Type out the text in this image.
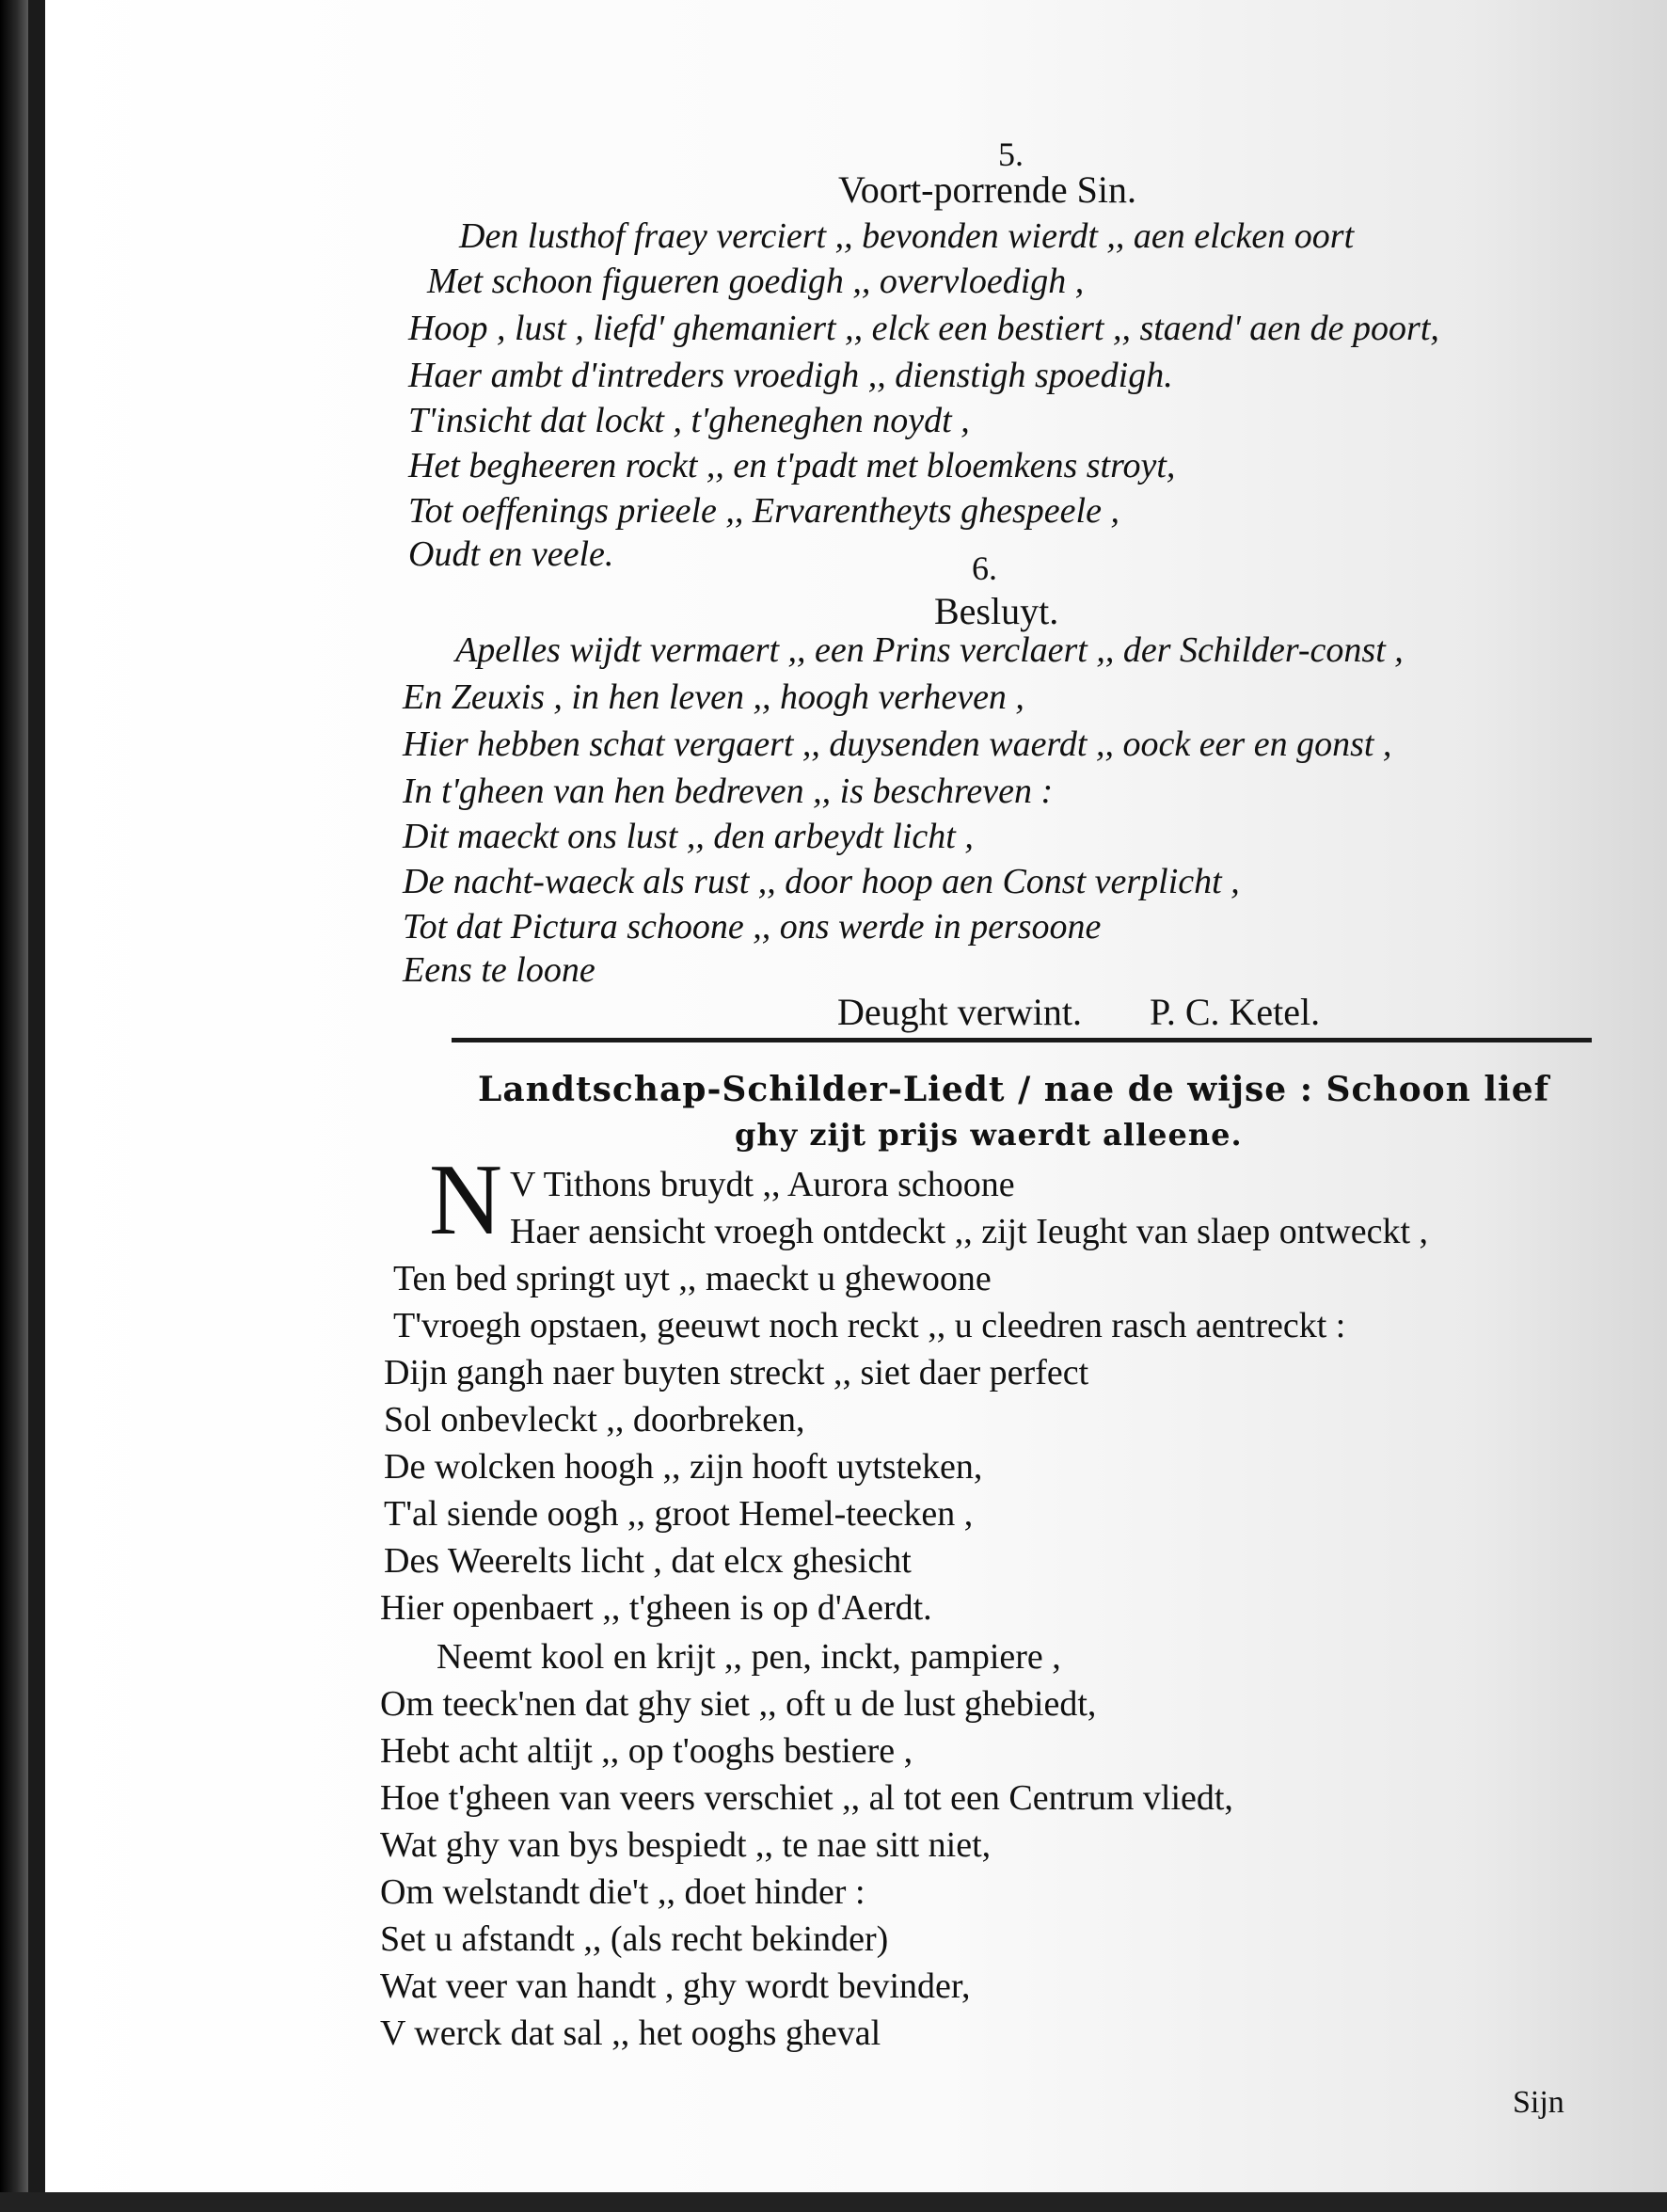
5.
Voort-porrende Sin.
Den lusthof fraey verciert ,, bevonden wierdt ,, aen elcken oort
Met schoon figueren goedigh ,, overvloedigh ,
Hoop , lust , liefd' ghemaniert ,, elck een bestiert ,, staend' aen de poort,
Haer ambt d'intreders vroedigh ,, dienstigh spoedigh.
T'insicht dat lockt , t'gheneghen noydt ,
Het begheeren rockt ,, en t'padt met bloemkens stroyt,
Tot oeffenings prieele ,, Ervarentheyts ghespeele ,
Oudt en veele.	6.
Besluyt.
Apelles wijdt vermaert ,, een Prins verclaert ,, der Schilder-const ,
En Zeuxis , in hen leven ,, hoogh verheven ,
Hier hebben schat vergaert ,, duysenden waerdt ,, oock eer en gonst ,
In t'gheen van hen bedreven ,, is beschreven :
Dit maeckt ons lust ,, den arbeydt licht ,
De nacht-waeck als rust ,, door hoop aen Const verplicht ,
Tot dat Pictura schoone ,, ons werde in persoone
Eens te loone
Deught verwint. P. C. Ketel.
Landtschap-Schilder-Liedt / nae de wijse : Schoon lief
ghy zijt prijs waerdt alleene.
N V Tithons bruydt ,, Aurora schoone
Haer aensicht vroegh ontdeckt ,, zijt Ieught van slaep ontweckt ,
Ten bed springt uyt ,, maeckt u ghewoone
T'vroegh opstaen, geeuwt noch reckt ,, u cleedren rasch aentreckt :
Dijn gangh naer buyten streckt ,, siet daer perfect
Sol onbevleckt ,, doorbreken,
De wolcken hoogh ,, zijn hooft uytsteken,
T'al siende oogh ,, groot Hemel-teecken ,
Des Weerelts licht , dat elcx ghesicht
Hier openbaert ,, t'gheen is op d'Aerdt.
Neemt kool en krijt ,, pen, inckt, pampiere ,
Om teeck'nen dat ghy siet ,, oft u de lust ghebiedt,
Hebt acht altijt ,, op t'ooghs bestiere ,
Hoe t'gheen van veers verschiet ,, al tot een Centrum vliedt,
Wat ghy van bys bespiedt ,, te nae sitt niet,
Om welstandt die't ,, doet hinder :
Set u afstandt ,, (als recht bekinder)
Wat veer van handt , ghy wordt bevinder,
V werck dat sal ,, het ooghs gheval
Sijn
